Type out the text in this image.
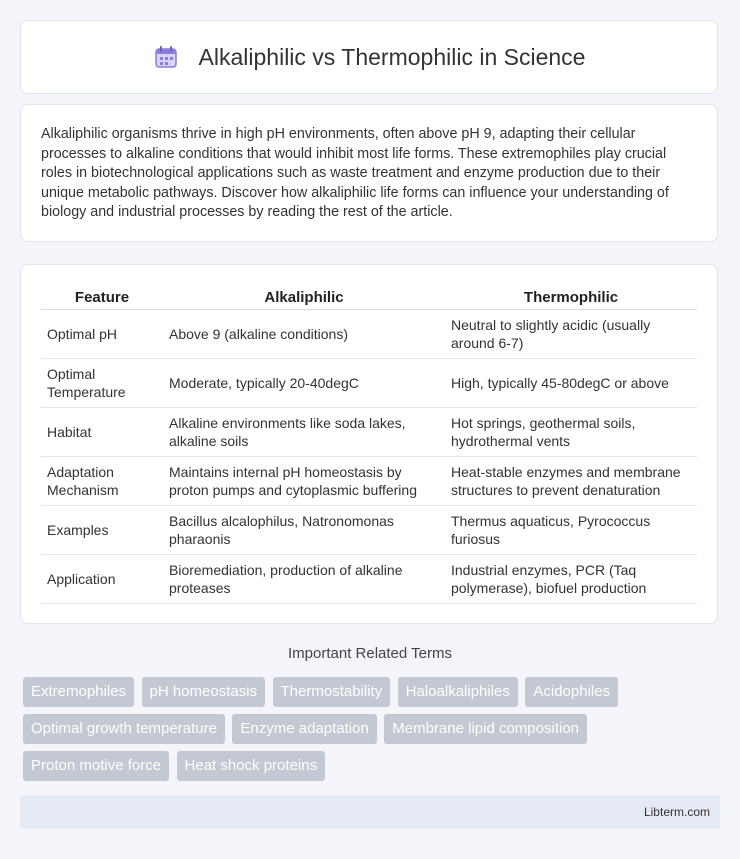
Alkaliphilic vs Thermophilic in Science

Alkaliphilic organisms thrive in high pH environments, often above pH 9, adapting their cellular processes to alkaline conditions that would inhibit most life forms. These extremophiles play crucial roles in biotechnological applications such as waste treatment and enzyme production due to their unique metabolic pathways. Discover how alkaliphilic life forms can influence your understanding of biology and industrial processes by reading the rest of the article.

Feature	Alkaliphilic	Thermophilic
Optimal pH	Above 9 (alkaline conditions)	Neutral to slightly acidic (usually around 6-7)
Optimal Temperature	Moderate, typically 20-40degC	High, typically 45-80degC or above
Habitat	Alkaline environments like soda lakes, alkaline soils	Hot springs, geothermal soils, hydrothermal vents
Adaptation Mechanism	Maintains internal pH homeostasis by proton pumps and cytoplasmic buffering	Heat-stable enzymes and membrane structures to prevent denaturation
Examples	Bacillus alcalophilus, Natronomonas pharaonis	Thermus aquaticus, Pyrococcus furiosus
Application	Bioremediation, production of alkaline proteases	Industrial enzymes, PCR (Taq polymerase), biofuel production
Important Related Terms
Extremophiles pH homeostasis Thermostability Haloalkaliphiles Acidophiles Optimal growth temperature Enzyme adaptation Membrane lipid composition Proton motive force Heat shock proteins
Libterm.com
